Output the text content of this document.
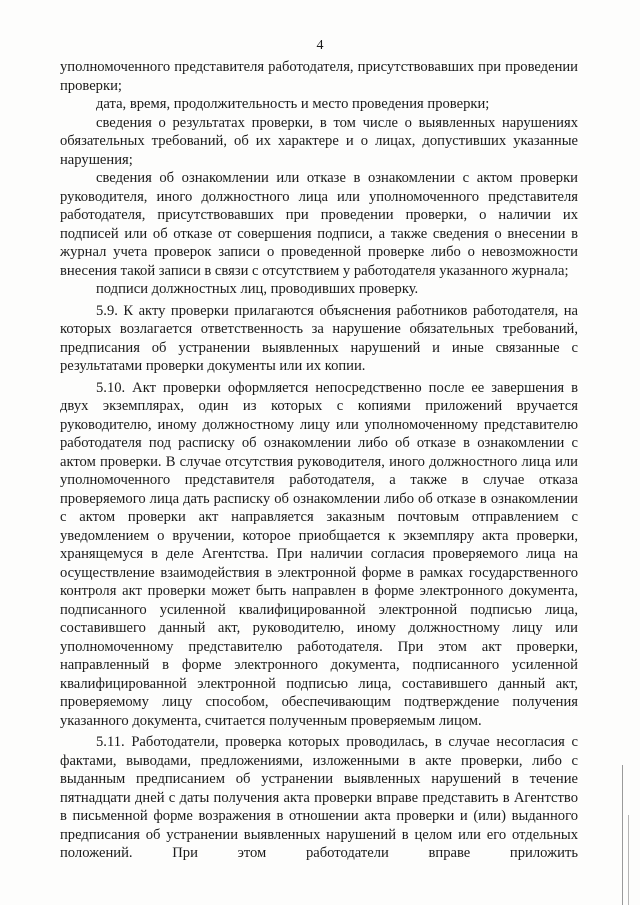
4

уполномоченного представителя работодателя, присутствовавших при проведении проверки;

дата, время, продолжительность и место проведения проверки;

сведения о результатах проверки, в том числе о выявленных нарушениях обязательных требований, об их характере и о лицах, допустивших указанные нарушения;

сведения об ознакомлении или отказе в ознакомлении с актом проверки руководителя, иного должностного лица или уполномоченного представителя работодателя, присутствовавших при проведении проверки, о наличии их подписей или об отказе от совершения подписи, а также сведения о внесении в журнал учета проверок записи о проведенной проверке либо о невозможности внесения такой записи в связи с отсутствием у работодателя указанного журнала;

подписи должностных лиц, проводивших проверку.

5.9. К акту проверки прилагаются объяснения работников работодателя, на которых возлагается ответственность за нарушение обязательных требований, предписания об устранении выявленных нарушений и иные связанные с результатами проверки документы или их копии.

5.10. Акт проверки оформляется непосредственно после ее завершения в двух экземплярах, один из которых с копиями приложений вручается руководителю, иному должностному лицу или уполномоченному представителю работодателя под расписку об ознакомлении либо об отказе в ознакомлении с актом проверки. В случае отсутствия руководителя, иного должностного лица или уполномоченного представителя работодателя, а также в случае отказа проверяемого лица дать расписку об ознакомлении либо об отказе в ознакомлении с актом проверки акт направляется заказным почтовым отправлением с уведомлением о вручении, которое приобщается к экземпляру акта проверки, хранящемуся в деле Агентства. При наличии согласия проверяемого лица на осуществление взаимодействия в электронной форме в рамках государственного контроля акт проверки может быть направлен в форме электронного документа, подписанного усиленной квалифицированной электронной подписью лица, составившего данный акт, руководителю, иному должностному лицу или уполномоченному представителю работодателя. При этом акт проверки, направленный в форме электронного документа, подписанного усиленной квалифицированной электронной подписью лица, составившего данный акт, проверяемому лицу способом, обеспечивающим подтверждение получения указанного документа, считается полученным проверяемым лицом.

5.11. Работодатели, проверка которых проводилась, в случае несогласия с фактами, выводами, предложениями, изложенными в акте проверки, либо с выданным предписанием об устранении выявленных нарушений в течение пятнадцати дней с даты получения акта проверки вправе представить в Агентство в письменной форме возражения в отношении акта проверки и (или) выданного предписания об устранении выявленных нарушений в целом или его отдельных положений. При этом работодатели вправе приложить
